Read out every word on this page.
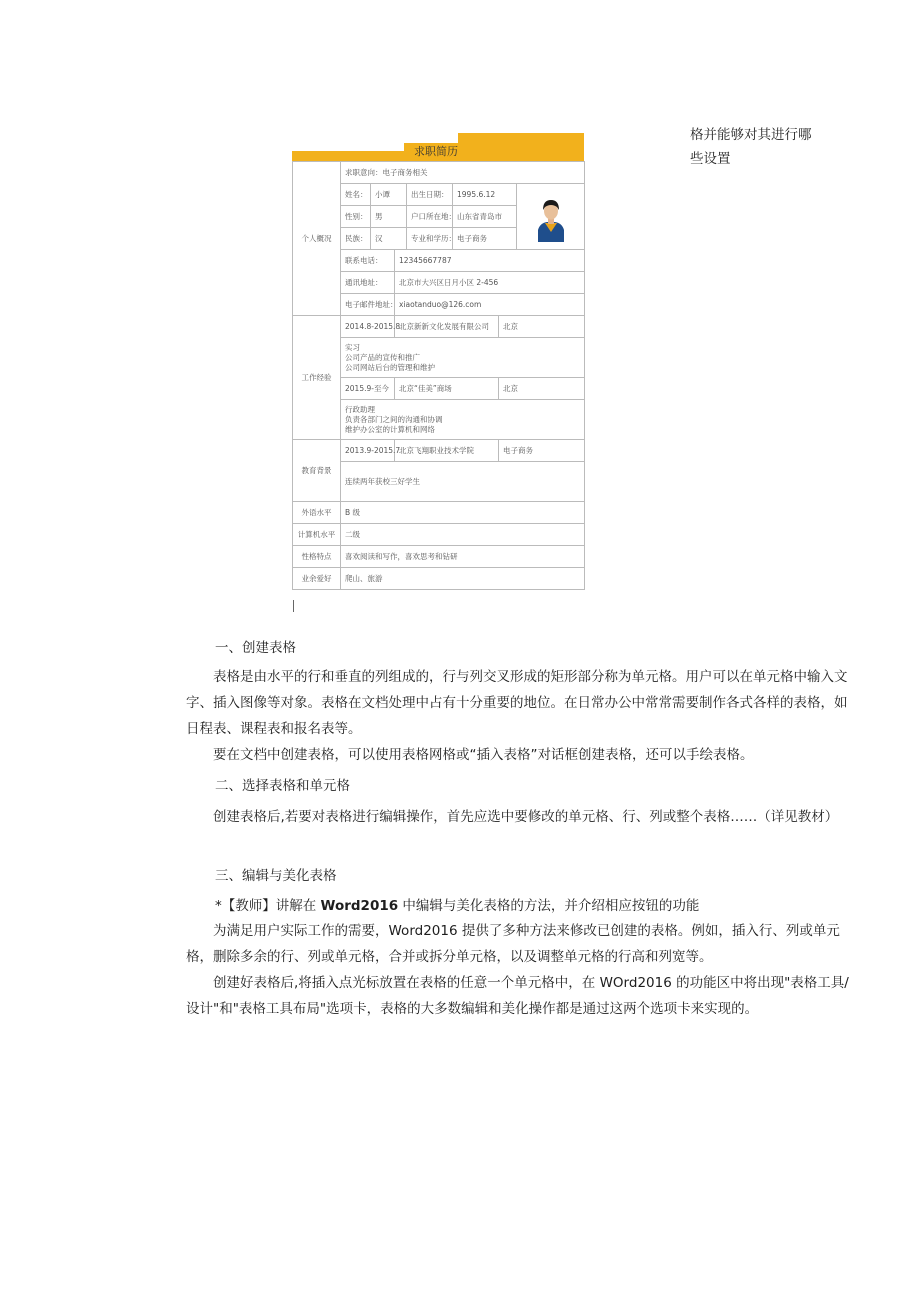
格并能够对其进行哪些设置
求职简历
个人概况	求职意向：电子商务相关						
	姓名：	小谭		出生日期：	1995.6.12	

	性别：	男		户口所在地：	山东省青岛市		
	民族：	汉		专业和学历：	电子商务		
	联系电话：		12345667787				
	通讯地址：		北京市大兴区日月小区 2-456				
	电子邮件地址：		xiaotanduo@126.com				

工作经验	2014.8-2015.8		北京新新文化发展有限公司			北京	

	实习
公司产品的宣传和推广
公司网站后台的管理和维护						

	2015.9-至今		北京“佳美”商场			北京	

	行政助理
负责各部门之间的沟通和协调
维护办公室的计算机和网络						

教育背景	2013.9-2015.7		北京飞翔职业技术学院			电子商务	
	连续两年获校三好学生						
外语水平	B 级						
计算机水平	二级						
性格特点	喜欢阅读和写作，喜欢思考和钻研						
业余爱好	爬山、旅游						
一、创建表格
表格是由水平的行和垂直的列组成的，行与列交叉形成的矩形部分称为单元格。用户可以在单元格中输入文字、插入图像等对象。表格在文档处理中占有十分重要的地位。在日常办公中常常需要制作各式各样的表格，如日程表、课程表和报名表等。
要在文档中创建表格，可以使用表格网格或“插入表格”对话框创建表格，还可以手绘表格。
二、选择表格和单元格
创建表格后,若要对表格进行编辑操作，首先应选中要修改的单元格、行、列或整个表格……（详见教材）
三、编辑与美化表格
*【教师】讲解在 Word2016 中编辑与美化表格的方法，并介绍相应按钮的功能
为满足用户实际工作的需要，Word2016 提供了多种方法来修改已创建的表格。例如，插入行、列或单元格，删除多余的行、列或单元格，合并或拆分单元格，以及调整单元格的行高和列宽等。
创建好表格后,将插入点光标放置在表格的任意一个单元格中，在 WOrd2016 的功能区中将出现"表格工具/设计"和"表格工具布局"选项卡，表格的大多数编辑和美化操作都是通过这两个选项卡来实现的。
